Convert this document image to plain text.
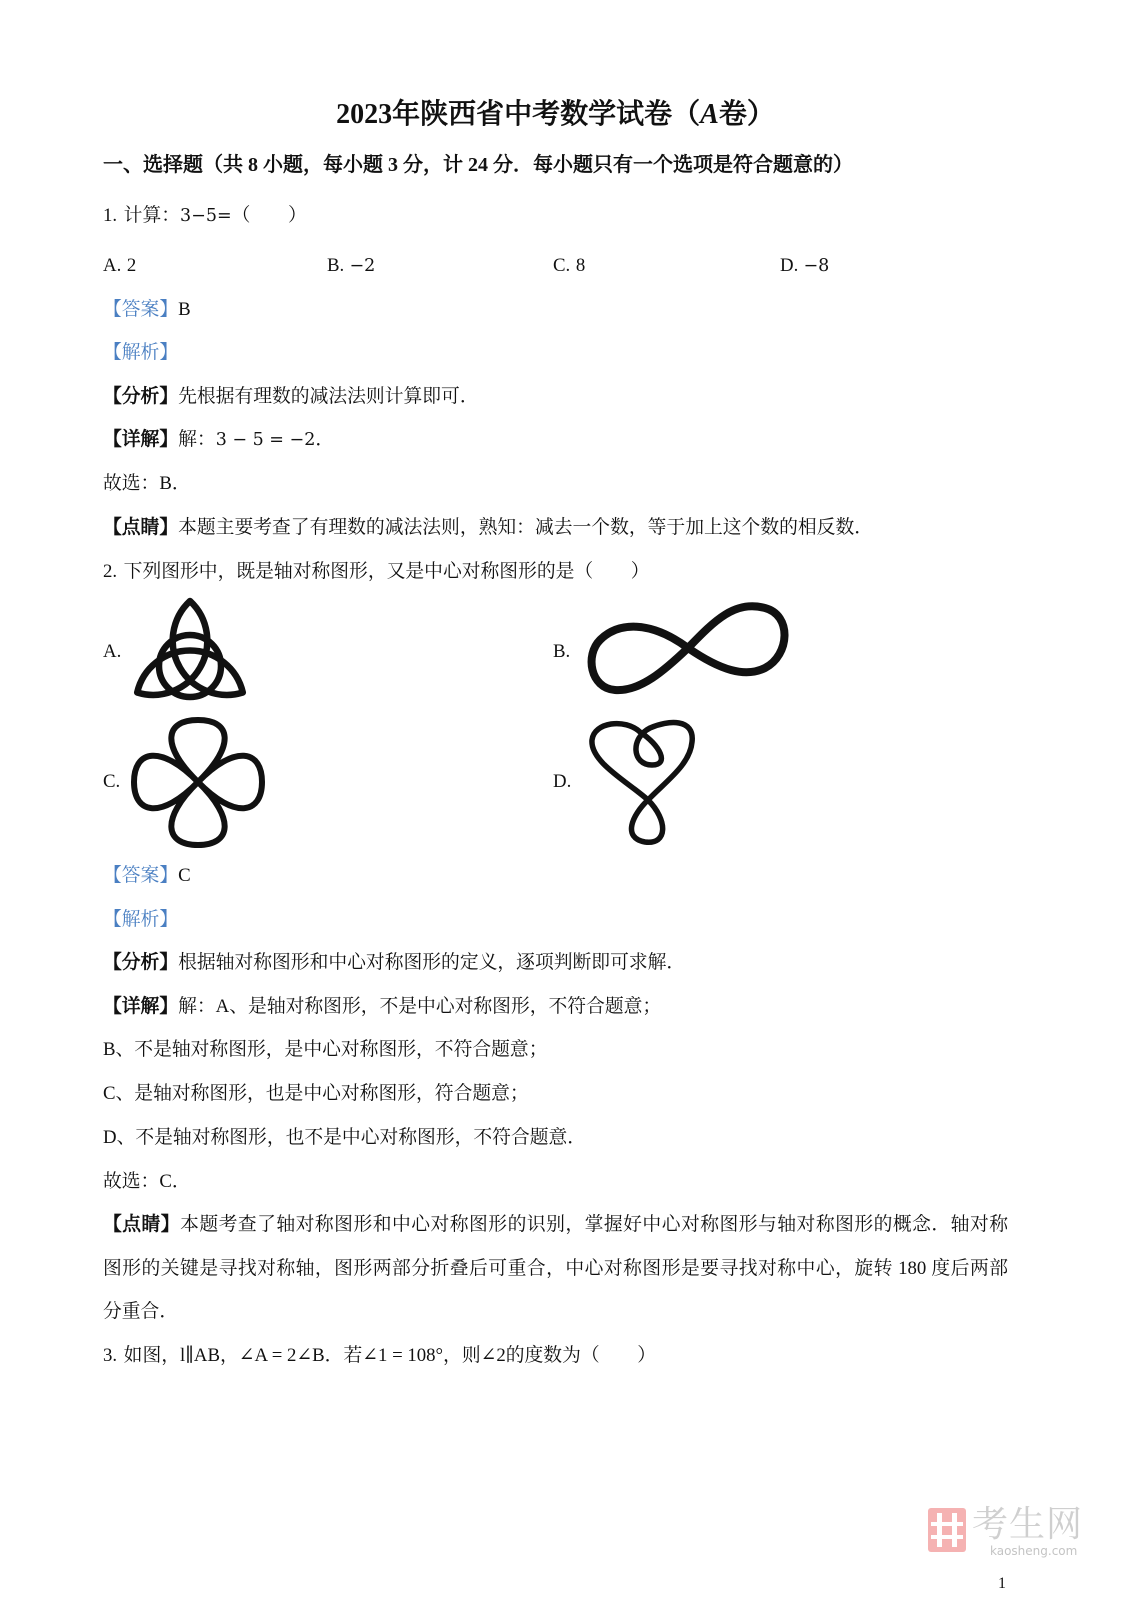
2023年陕西省中考数学试卷（A卷）
一、选择题（共 8 小题，每小题 3 分，计 24 分．每小题只有一个选项是符合题意的）
1. 计算：3−5=（　　）
A. 2	B. −2	C. 8	D. −8
【答案】B
【解析】
【分析】先根据有理数的减法法则计算即可．
【详解】解：3 − 5 = −2．
故选：B．
【点睛】本题主要考查了有理数的减法法则，熟知：减去一个数，等于加上这个数的相反数．
2. 下列图形中，既是轴对称图形，又是中心对称图形的是（　　）
A.	B.
C.	D.
【答案】C
【解析】
【分析】根据轴对称图形和中心对称图形的定义，逐项判断即可求解．
【详解】解：A、是轴对称图形，不是中心对称图形，不符合题意；
B、不是轴对称图形，是中心对称图形，不符合题意；
C、是轴对称图形，也是中心对称图形，符合题意；
D、不是轴对称图形，也不是中心对称图形，不符合题意．
故选：C．
【点睛】本题考查了轴对称图形和中心对称图形的识别，掌握好中心对称图形与轴对称图形的概念．轴对称
图形的关键是寻找对称轴，图形两部分折叠后可重合，中心对称图形是要寻找对称中心，旋转 180 度后两部
分重合．
3. 如图，l∥AB，∠A = 2∠B．若∠1 = 108°，则∠2的度数为（　　）
考生网
kaosheng.com
1
